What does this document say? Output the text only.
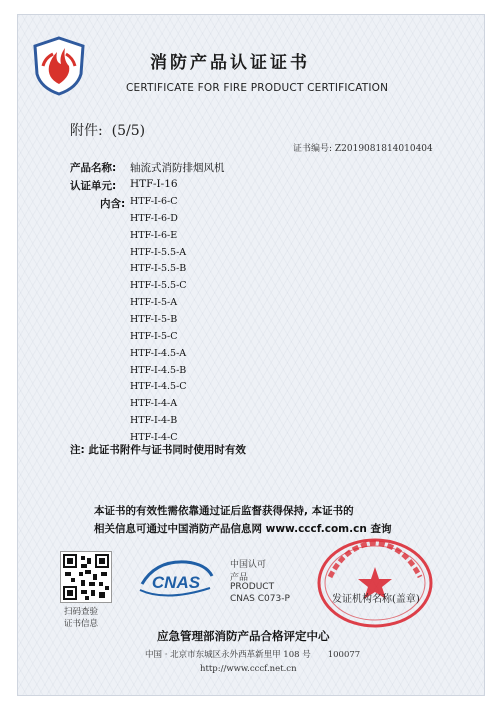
消防产品认证证书
CERTIFICATE FOR FIRE PRODUCT CERTIFICATION
附件: (5/5)
证书编号: Z2019081814010404
产品名称: 轴流式消防排烟风机
认证单元: HTF-Ⅰ-16
内含: HTF-Ⅰ-6-C
HTF-Ⅰ-6-D
HTF-Ⅰ-6-E
HTF-Ⅰ-5.5-A
HTF-Ⅰ-5.5-B
HTF-Ⅰ-5.5-C
HTF-Ⅰ-5-A
HTF-Ⅰ-5-B
HTF-Ⅰ-5-C
HTF-Ⅰ-4.5-A
HTF-Ⅰ-4.5-B
HTF-Ⅰ-4.5-C
HTF-Ⅰ-4-A
HTF-Ⅰ-4-B
HTF-Ⅰ-4-C
注: 此证书附件与证书同时使用时有效
本证书的有效性需依靠通过证后监督获得保持, 本证书的
相关信息可通过中国消防产品信息网 www.cccf.com.cn 查询
扫码查验
证书信息
CNAS
中国认可
产品
PRODUCT
CNAS C073-P	发证机构名称(盖章)
应急管理部消防产品合格评定中心
中国 · 北京市东城区永外西革新里甲 108 号　　100077
http://www.cccf.net.cn
